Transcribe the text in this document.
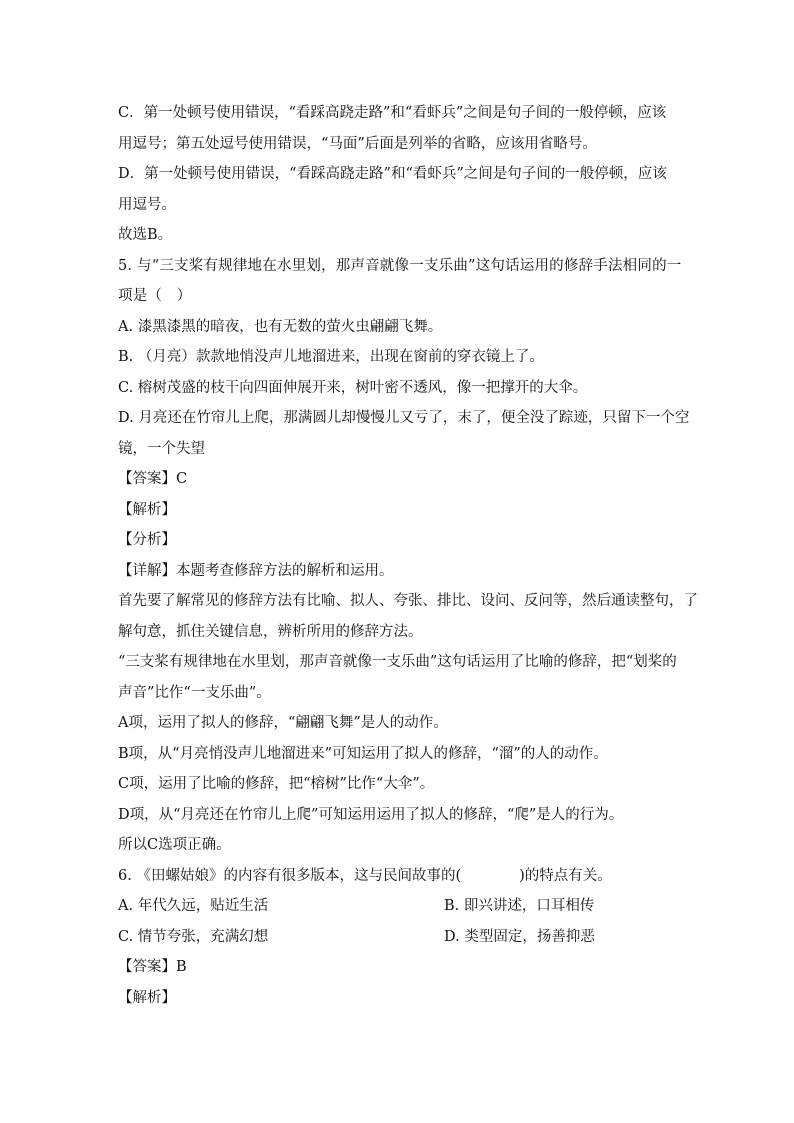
C．第一处顿号使用错误，“看踩高跷走路”和“看虾兵”之间是句子间的一般停顿，应该
用逗号；第五处逗号使用错误，“马面”后面是列举的省略，应该用省略号。
D．第一处顿号使用错误，“看踩高跷走路”和“看虾兵”之间是句子间的一般停顿，应该
用逗号。
故选B。
5. 与“三支桨有规律地在水里划，那声音就像一支乐曲”这句话运用的修辞手法相同的一
项是（　）
A. 漆黑漆黑的暗夜，也有无数的萤火虫翩翩飞舞。
B. （月亮）款款地悄没声儿地溜进来，出现在窗前的穿衣镜上了。
C. 榕树茂盛的枝干向四面伸展开来，树叶密不透风，像一把撑开的大伞。
D. 月亮还在竹帘儿上爬，那满圆儿却慢慢儿又亏了，末了，便全没了踪迹，只留下一个空
镜，一个失望
【答案】C
【解析】
【分析】
【详解】本题考查修辞方法的解析和运用。
首先要了解常见的修辞方法有比喻、拟人、夸张、排比、设问、反问等，然后通读整句，了
解句意，抓住关键信息，辨析所用的修辞方法。
“三支桨有规律地在水里划，那声音就像一支乐曲”这句话运用了比喻的修辞，把“划桨的
声音”比作“一支乐曲”。
A项，运用了拟人的修辞，“翩翩飞舞”是人的动作。
B项，从“月亮悄没声儿地溜进来”可知运用了拟人的修辞，“溜”的人的动作。
C项，运用了比喻的修辞，把“榕树”比作“大伞”。
D项，从“月亮还在竹帘儿上爬”可知运用运用了拟人的修辞，“爬”是人的行为。
所以C选项正确。
6. 《田螺姑娘》的内容有很多版本，这与民间故事的(　　　　)的特点有关。
A. 年代久远，贴近生活	B. 即兴讲述，口耳相传
C. 情节夸张，充满幻想	D. 类型固定，扬善抑恶
【答案】B
【解析】
